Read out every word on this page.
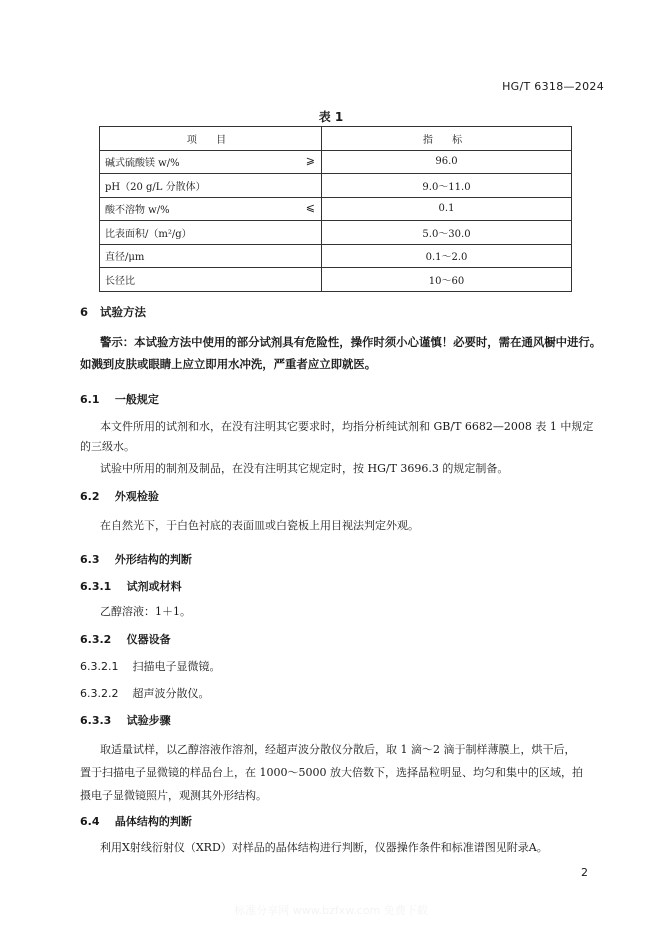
HG/T 6318—2024
表 1
项 目	指 标
碱式硫酸镁 w/% ⩾	96.0
pH（20 g/L 分散体）	9.0～11.0
酸不溶物 w/% ⩽	0.1
比表面积/（m²/g）	5.0～30.0
直径/μm	0.1～2.0
长径比	10～60
6 试验方法
警示：本试验方法中使用的部分试剂具有危险性，操作时须小心谨慎！必要时，需在通风橱中进行。
如溅到皮肤或眼睛上应立即用水冲洗，严重者应立即就医。
6.1 一般规定
本文件所用的试剂和水，在没有注明其它要求时，均指分析纯试剂和 GB/T 6682—2008 表 1 中规定
的三级水。
试验中所用的制剂及制品，在没有注明其它规定时，按 HG/T 3696.3 的规定制备。
6.2 外观检验
在自然光下，于白色衬底的表面皿或白瓷板上用目视法判定外观。
6.3 外形结构的判断
6.3.1 试剂或材料
乙醇溶液：1＋1。
6.3.2 仪器设备
6.3.2.1 扫描电子显微镜。
6.3.2.2 超声波分散仪。
6.3.3 试验步骤
取适量试样，以乙醇溶液作溶剂，经超声波分散仪分散后，取 1 滴～2 滴于制样薄膜上，烘干后，
置于扫描电子显微镜的样品台上，在 1000～5000 放大倍数下，选择晶粒明显、均匀和集中的区域，拍
摄电子显微镜照片，观测其外形结构。
6.4 晶体结构的判断
利用X射线衍射仪（XRD）对样品的晶体结构进行判断，仪器操作条件和标准谱图见附录A。
2
标准分享网 www.bzfxw.com 免费下载
